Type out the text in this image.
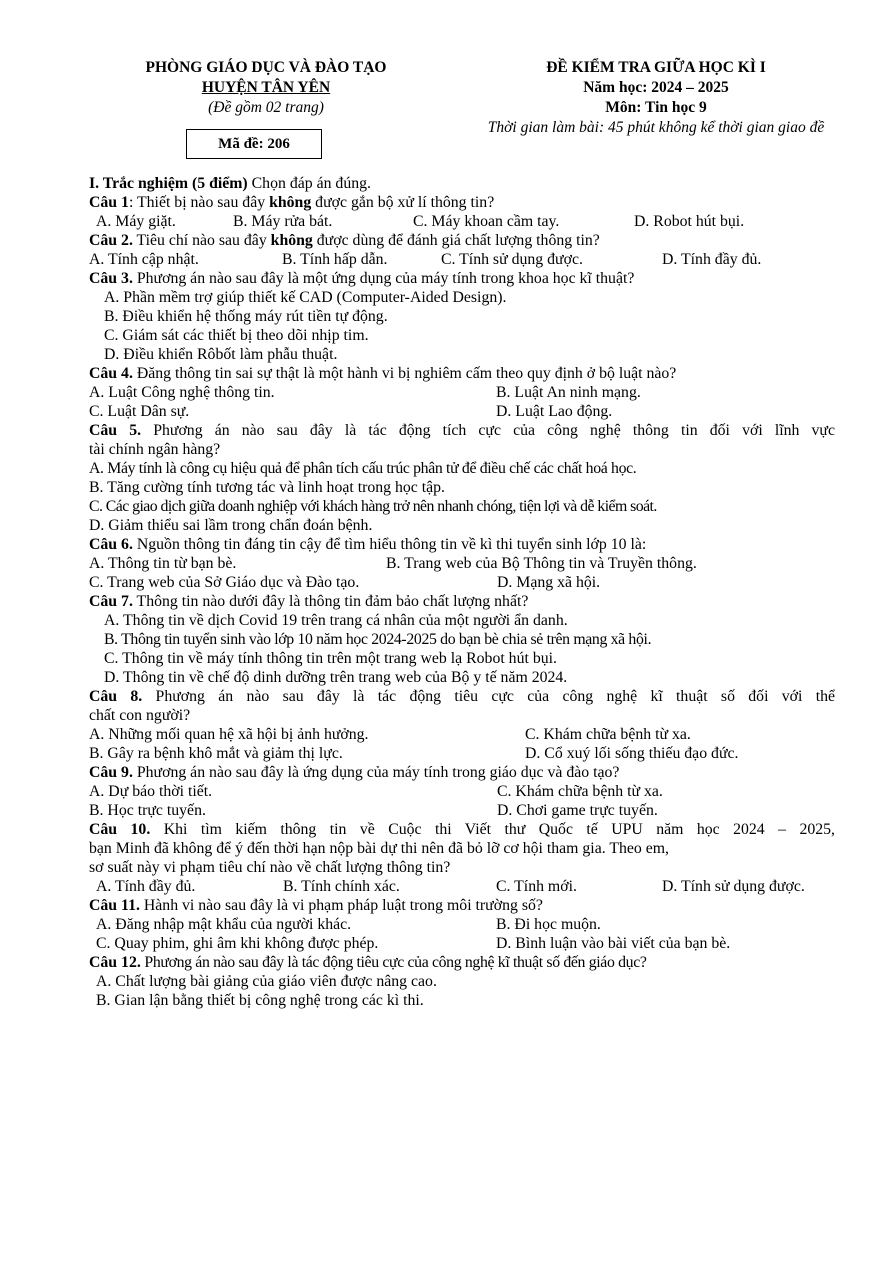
PHÒNG GIÁO DỤC VÀ ĐÀO TẠO
HUYỆN TÂN YÊN
(Đề gồm 02 trang)
Mã đề: 206
ĐỀ KIỂM TRA GIỮA HỌC KÌ I
Năm học: 2024 – 2025
Môn: Tin học 9
Thời gian làm bài: 45 phút không kể thời gian giao đề
I. Trắc nghiệm (5 điểm) Chọn đáp án đúng.
Câu 1: Thiết bị nào sau đây không được gắn bộ xử lí thông tin?
A. Máy giặt.	B. Máy rửa bát.	C. Máy khoan cầm tay.	D. Robot hút bụi.
Câu 2. Tiêu chí nào sau đây không được dùng để đánh giá chất lượng thông tin?
A. Tính cập nhật.	B. Tính hấp dẫn.	C. Tính sử dụng được.	D. Tính đầy đủ.
Câu 3. Phương án nào sau đây là một ứng dụng của máy tính trong khoa học kĩ thuật?
A. Phần mềm trợ giúp thiết kế CAD (Computer-Aided Design).
B. Điều khiển hệ thống máy rút tiền tự động.
C. Giám sát các thiết bị theo dõi nhịp tim.
D. Điều khiển Rôbốt làm phẫu thuật.
Câu 4. Đăng thông tin sai sự thật là một hành vi bị nghiêm cấm theo quy định ở bộ luật nào?
A. Luật Công nghệ thông tin.	B. Luật An ninh mạng.
C. Luật Dân sự.	D. Luật Lao động.
Câu 5. Phương án nào sau đây là tác động tích cực của công nghệ thông tin đối với lĩnh vực
tài chính ngân hàng?
A. Máy tính là công cụ hiệu quả để phân tích cấu trúc phân tử để điều chế các chất hoá học.
B. Tăng cường tính tương tác và linh hoạt trong học tập.
C. Các giao dịch giữa doanh nghiệp với khách hàng trở nên nhanh chóng, tiện lợi và dễ kiểm soát.
D. Giảm thiểu sai lầm trong chẩn đoán bệnh.
Câu 6. Nguồn thông tin đáng tin cậy để tìm hiểu thông tin về kì thi tuyển sinh lớp 10 là:
A. Thông tin từ bạn bè.	B. Trang web của Bộ Thông tin và Truyền thông.
C. Trang web của Sở Giáo dục và Đào tạo.	D. Mạng xã hội.
Câu 7. Thông tin nào dưới đây là thông tin đảm bảo chất lượng nhất?
A. Thông tin về dịch Covid 19 trên trang cá nhân của một người ẩn danh.
B. Thông tin tuyển sinh vào lớp 10 năm học 2024-2025 do bạn bè chia sẻ trên mạng xã hội.
C. Thông tin về máy tính thông tin trên một trang web lạ Robot hút bụi.
D. Thông tin về chế độ dinh dưỡng trên trang web của Bộ y tế năm 2024.
Câu 8. Phương án nào sau đây là tác động tiêu cực của công nghệ kĩ thuật số đối với thể
chất con người?
A. Những mối quan hệ xã hội bị ảnh hưởng.	C. Khám chữa bệnh từ xa.
B. Gây ra bệnh khô mắt và giảm thị lực.	D. Cổ xuý lối sống thiếu đạo đức.
Câu 9. Phương án nào sau đây là ứng dụng của máy tính trong giáo dục và đào tạo?
A. Dự báo thời tiết.	C. Khám chữa bệnh từ xa.
B. Học trực tuyến.	D. Chơi game trực tuyến.
Câu 10. Khi tìm kiếm thông tin về Cuộc thi Viết thư Quốc tế UPU năm học 2024 – 2025,
bạn Minh đã không để ý đến thời hạn nộp bài dự thi nên đã bỏ lỡ cơ hội tham gia. Theo em,
sơ suất này vi phạm tiêu chí nào về chất lượng thông tin?
A. Tính đầy đủ.	B. Tính chính xác.	C. Tính mới.	D. Tính sử dụng được.
Câu 11. Hành vi nào sau đây là vi phạm pháp luật trong môi trường số?
A. Đăng nhập mật khẩu của người khác.	B. Đi học muộn.
C. Quay phim, ghi âm khi không được phép.	D. Bình luận vào bài viết của bạn bè.
Câu 12. Phương án nào sau đây là tác động tiêu cực của công nghệ kĩ thuật số đến giáo dục?
A. Chất lượng bài giảng của giáo viên được nâng cao.
B. Gian lận bằng thiết bị công nghệ trong các kì thi.
